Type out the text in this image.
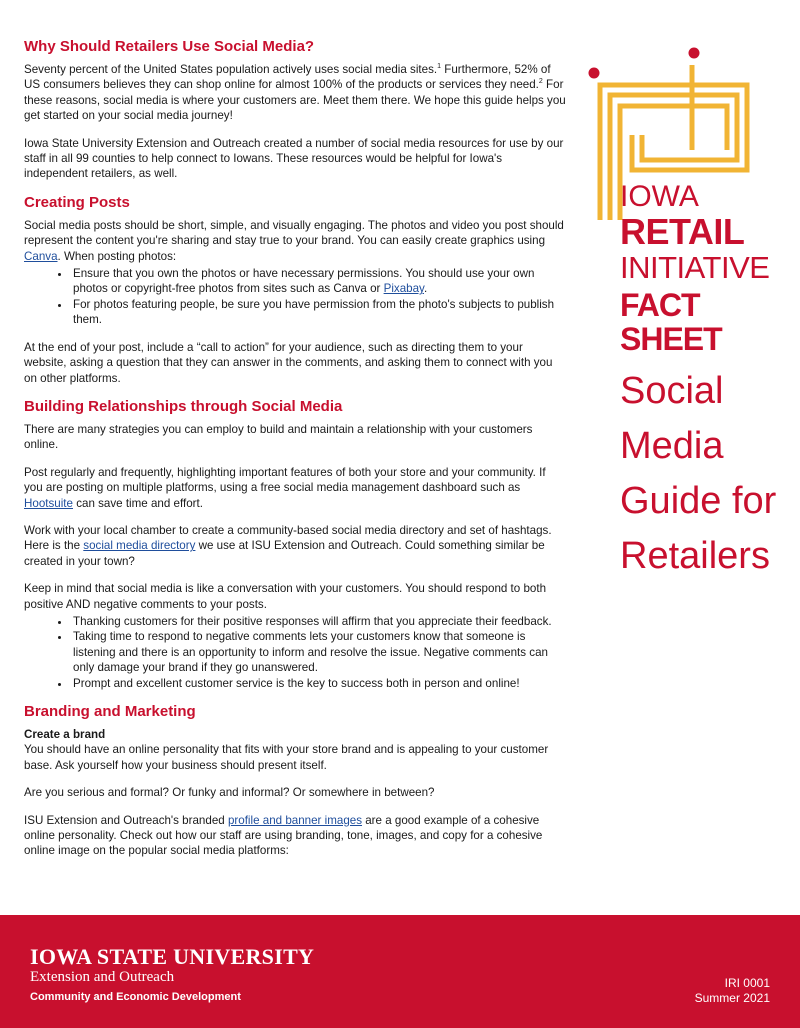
Why Should Retailers Use Social Media?

Seventy percent of the United States population actively uses social media sites.$^1$ Furthermore, 52% of US consumers believes they can shop online for almost 100% of the products or services they need.$^2$ For these reasons, social media is where your customers are. Meet them there. We hope this guide helps you get started on your social media journey!

Iowa State University Extension and Outreach created a number of social media resources for use by our staff in all 99 counties to help connect to Iowans. These resources would be helpful for Iowa's independent retailers, as well.

Creating Posts

Social media posts should be short, simple, and visually engaging. The photos and video you post should represent the content you're sharing and stay true to your brand. You can easily create graphics using Canva. When posting photos:

• Ensure that you own the photos or have necessary permissions. You should use your own photos or copyright-free photos from sites such as Canva or Pixabay.
• For photos featuring people, be sure you have permission from the photo's subjects to publish them.

At the end of your post, include a “call to action” for your audience, such as directing them to your website, asking a question that they can answer in the comments, and asking them to connect with you on other platforms.

Building Relationships through Social Media

There are many strategies you can employ to build and maintain a relationship with your customers online.

Post regularly and frequently, highlighting important features of both your store and your community. If you are posting on multiple platforms, using a free social media management dashboard such as Hootsuite can save time and effort.

Work with your local chamber to create a community-based social media directory and set of hashtags. Here is the social media directory we use at ISU Extension and Outreach. Could something similar be created in your town?

Keep in mind that social media is like a conversation with your customers. You should respond to both positive AND negative comments to your posts.

• Thanking customers for their positive responses will affirm that you appreciate their feedback.
• Taking time to respond to negative comments lets your customers know that someone is listening and there is an opportunity to inform and resolve the issue. Negative comments can only damage your brand if they go unanswered.
• Prompt and excellent customer service is the key to success both in person and online!
Branding and Marketing
Create a brand

You should have an online personality that fits with your store brand and is appealing to your customer base. Ask yourself how your business should present itself.

Are you serious and formal? Or funky and informal? Or somewhere in between?

ISU Extension and Outreach's branded profile and banner images are a good example of a cohesive online personality. Check out how our staff are using branding, tone, images, and copy for a cohesive online image on the popular social media platforms:

IOWA
RETAIL
INITIATIVE
FACT SHEET
Social
Media
Guide for
Retailers
IOWA STATE UNIVERSITY
Extension and Outreach
Community and Economic Development
IRI 0001
Summer 2021
